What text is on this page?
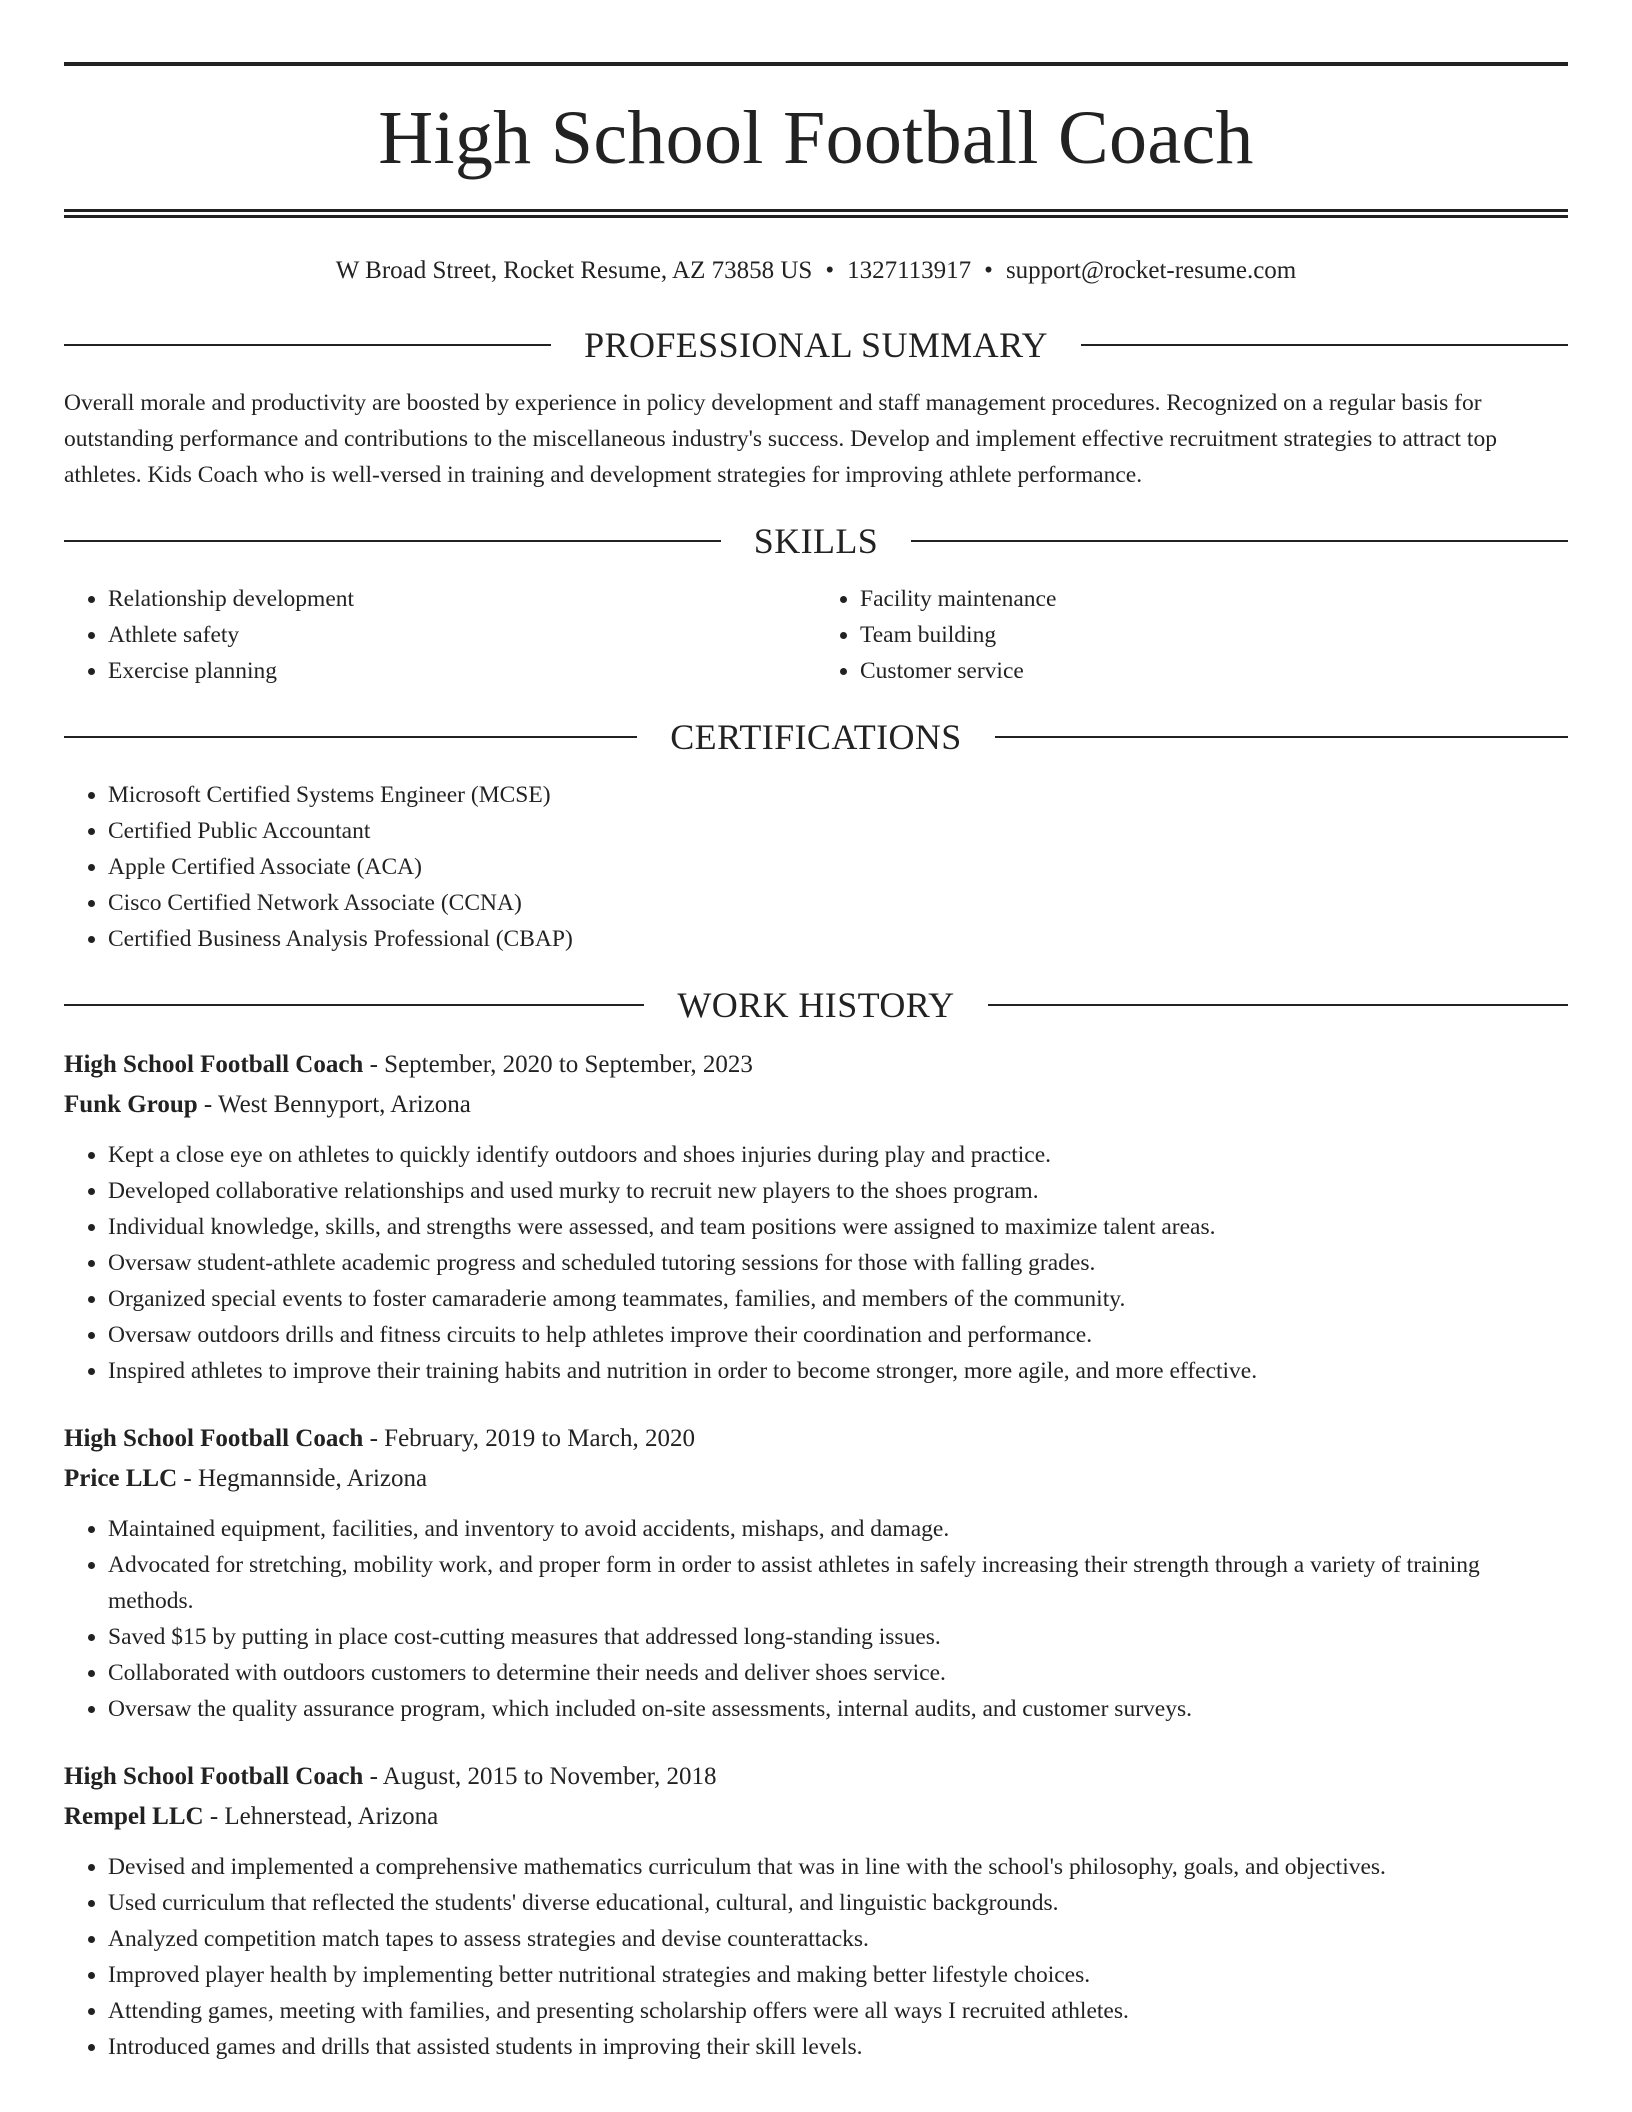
High School Football Coach
W Broad Street, Rocket Resume, AZ 73858 US • 1327113917 • support@rocket-resume.com
PROFESSIONAL SUMMARY

Overall morale and productivity are boosted by experience in policy development and staff management procedures. Recognized on a regular basis for outstanding performance and contributions to the miscellaneous industry's success. Develop and implement effective recruitment strategies to attract top athletes. Kids Coach who is well-versed in training and development strategies for improving athlete performance.

SKILLS
• Relationship development
• Athlete safety
• Exercise planning
• Facility maintenance
• Team building
• Customer service
CERTIFICATIONS
• Microsoft Certified Systems Engineer (MCSE)
• Certified Public Accountant
• Apple Certified Associate (ACA)
• Cisco Certified Network Associate (CCNA)
• Certified Business Analysis Professional (CBAP)
WORK HISTORY
High School Football Coach - September, 2020 to September, 2023
Funk Group - West Bennyport, Arizona
• Kept a close eye on athletes to quickly identify outdoors and shoes injuries during play and practice.
• Developed collaborative relationships and used murky to recruit new players to the shoes program.
• Individual knowledge, skills, and strengths were assessed, and team positions were assigned to maximize talent areas.
• Oversaw student-athlete academic progress and scheduled tutoring sessions for those with falling grades.
• Organized special events to foster camaraderie among teammates, families, and members of the community.
• Oversaw outdoors drills and fitness circuits to help athletes improve their coordination and performance.
• Inspired athletes to improve their training habits and nutrition in order to become stronger, more agile, and more effective.
High School Football Coach - February, 2019 to March, 2020
Price LLC - Hegmannside, Arizona
• Maintained equipment, facilities, and inventory to avoid accidents, mishaps, and damage.
• Advocated for stretching, mobility work, and proper form in order to assist athletes in safely increasing their strength through a variety of training methods.
• Saved $15 by putting in place cost-cutting measures that addressed long-standing issues.
• Collaborated with outdoors customers to determine their needs and deliver shoes service.
• Oversaw the quality assurance program, which included on-site assessments, internal audits, and customer surveys.
High School Football Coach - August, 2015 to November, 2018
Rempel LLC - Lehnerstead, Arizona
• Devised and implemented a comprehensive mathematics curriculum that was in line with the school's philosophy, goals, and objectives.
• Used curriculum that reflected the students' diverse educational, cultural, and linguistic backgrounds.
• Analyzed competition match tapes to assess strategies and devise counterattacks.
• Improved player health by implementing better nutritional strategies and making better lifestyle choices.
• Attending games, meeting with families, and presenting scholarship offers were all ways I recruited athletes.
• Introduced games and drills that assisted students in improving their skill levels.
